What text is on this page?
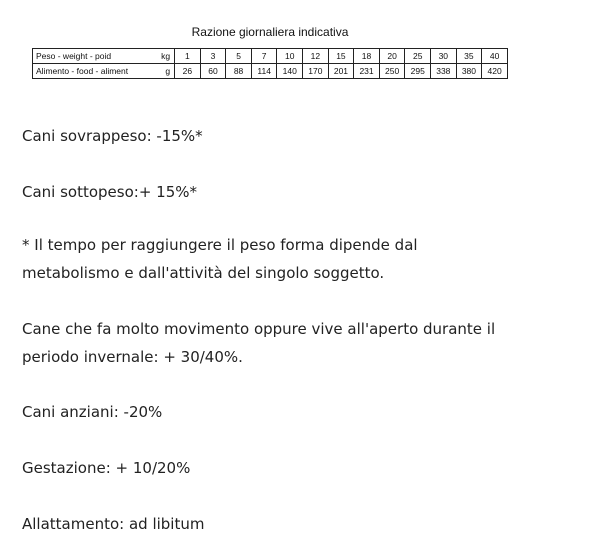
Razione giornaliera indicativa
Peso - weight - poid kg	1	3	5	7	10	12	15	18	20	25	30	35	40
Alimento - food - aliment g	26	60	88	114	140	170	201	231	250	295	338	380	420

Cani sovrappeso: -15%*

Cani sottopeso:+ 15%*

* Il tempo per raggiungere il peso forma dipende dal
metabolismo e dall'attività del singolo soggetto.

Cane che fa molto movimento oppure vive all'aperto durante il
periodo invernale: + 30/40%.

Cani anziani: -20%

Gestazione: + 10/20%

Allattamento: ad libitum
